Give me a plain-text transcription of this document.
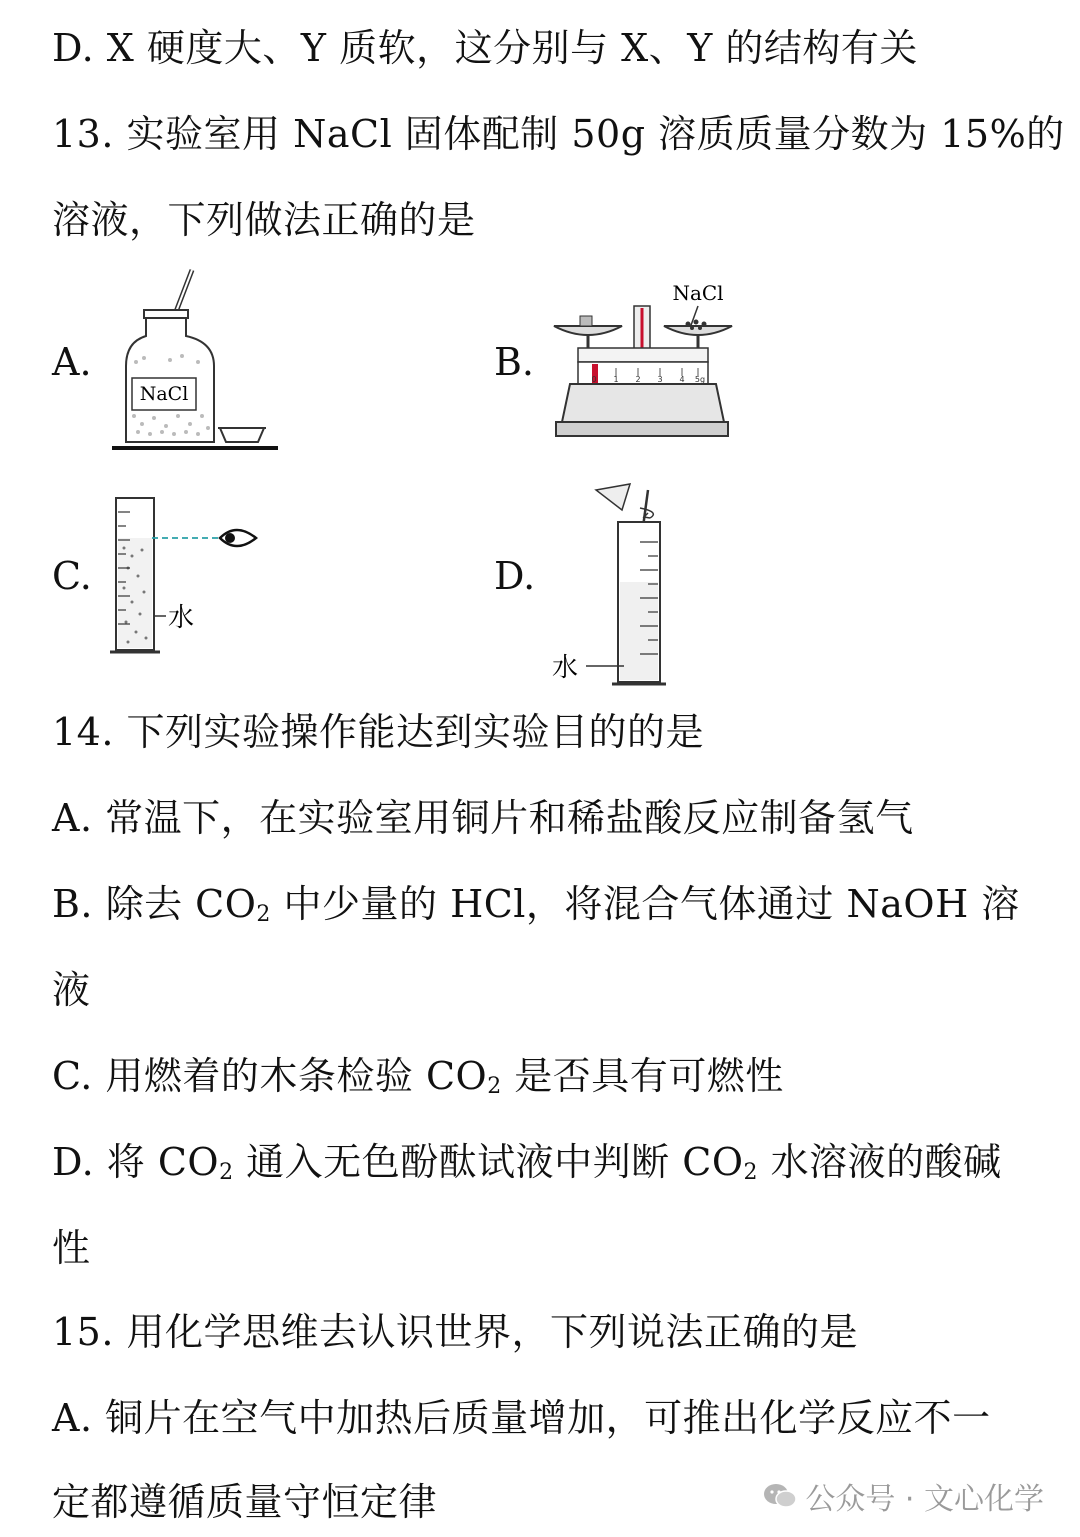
D. X 硬度大、Y 质软，这分别与 X、Y 的结构有关
13. 实验室用 NaCl 固体配制 50g 溶质质量分数为 15%的
溶液，下列做法正确的是
A.
NaCl
B.
NaCl
0 1 2 3 4 5g
C.
水
D.
水
14. 下列实验操作能达到实验目的的是
A. 常温下，在实验室用铜片和稀盐酸反应制备氢气
B. 除去 $CO_2$ 中少量的 HCl，将混合气体通过 NaOH 溶
液
C. 用燃着的木条检验 $CO_2$ 是否具有可燃性
D. 将 $CO_2$ 通入无色酚酞试液中判断 $CO_2$ 水溶液的酸碱
性
15. 用化学思维去认识世界，下列说法正确的是
A. 铜片在空气中加热后质量增加，可推出化学反应不一
定都遵循质量守恒定律	公众号 · 文心化学
